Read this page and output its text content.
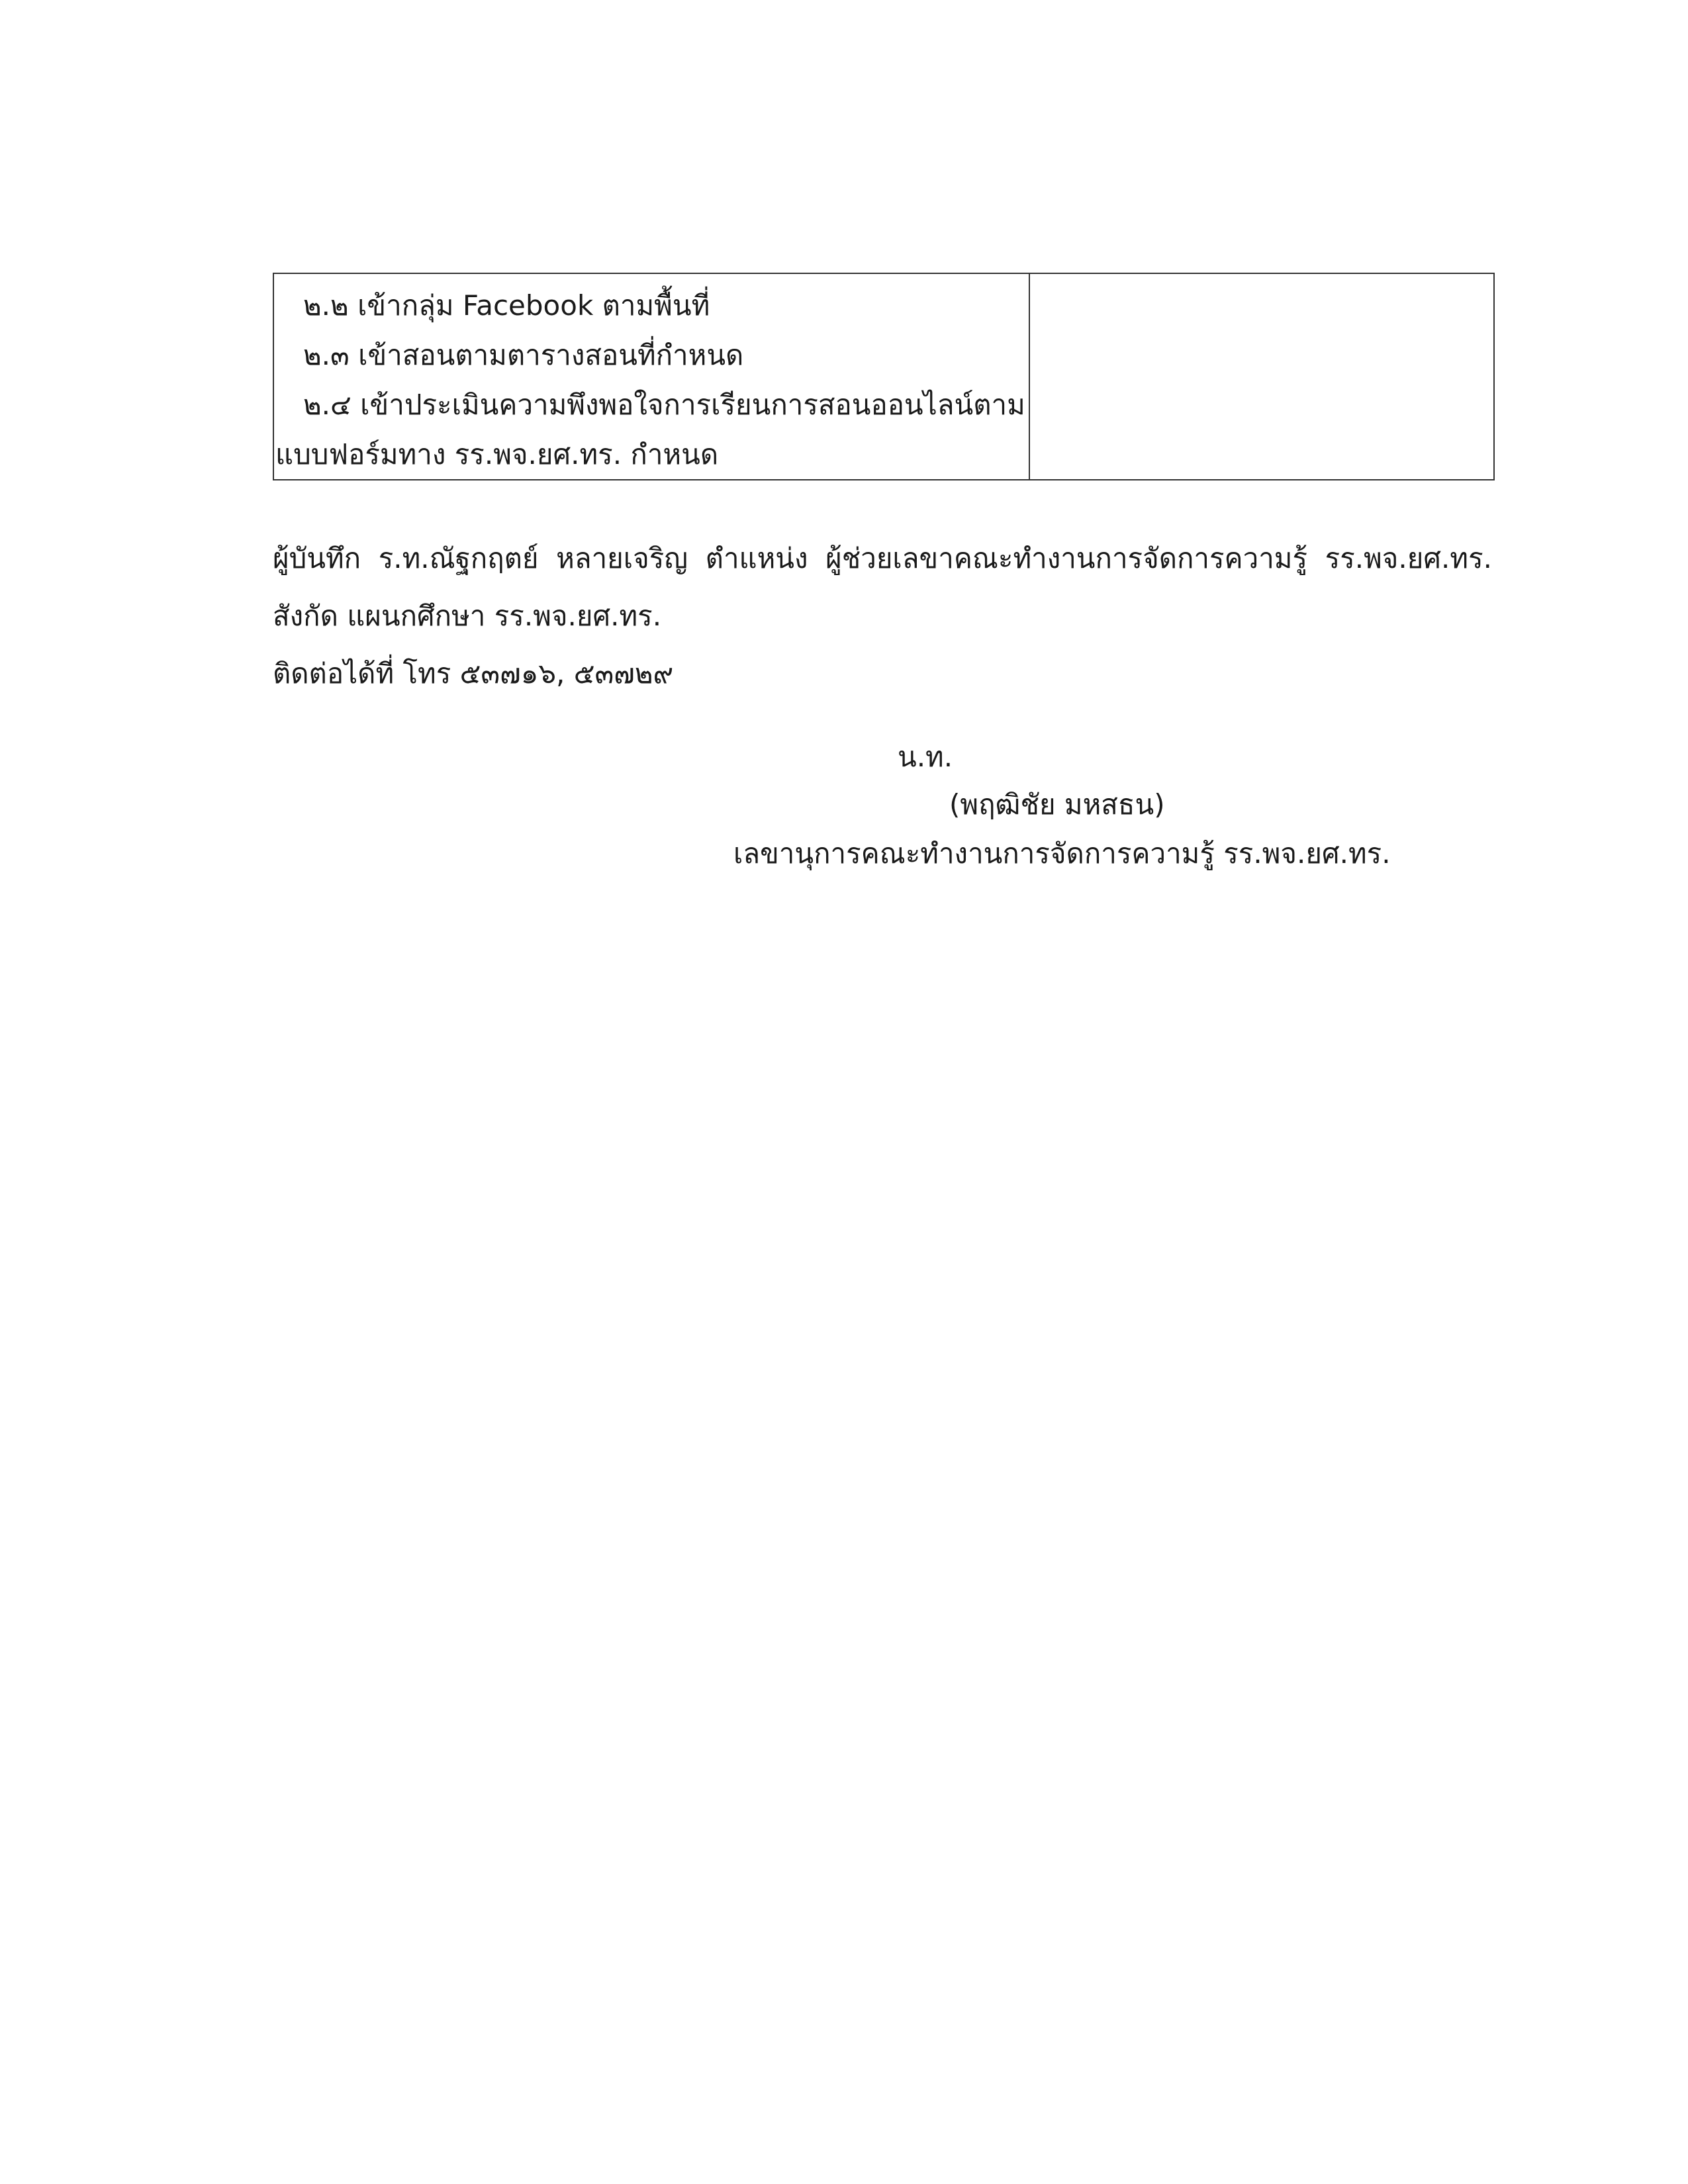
๒.๒ เข้ากลุ่ม Facebook ตามพื้นที่
๒.๓ เข้าสอนตามตารางสอนที่กำหนด
๒.๔ เข้าประเมินความพึงพอใจการเรียนการสอนออนไลน์ตาม
แบบฟอร์มทาง รร.พจ.ยศ.ทร. กำหนด

ผู้บันทึก ร.ท.ณัฐกฤตย์ หลายเจริญ ตำแหน่ง ผู้ช่วยเลขาคณะทำงานการจัดการความรู้ รร.พจ.ยศ.ทร.
สังกัด แผนกศึกษา รร.พจ.ยศ.ทร.
ติดต่อได้ที่ โทร ๕๓๗๑๖, ๕๓๗๒๙
น.ท.
(พฤฒิชัย มหสธน)
เลขานุการคณะทำงานการจัดการความรู้ รร.พจ.ยศ.ทร.
